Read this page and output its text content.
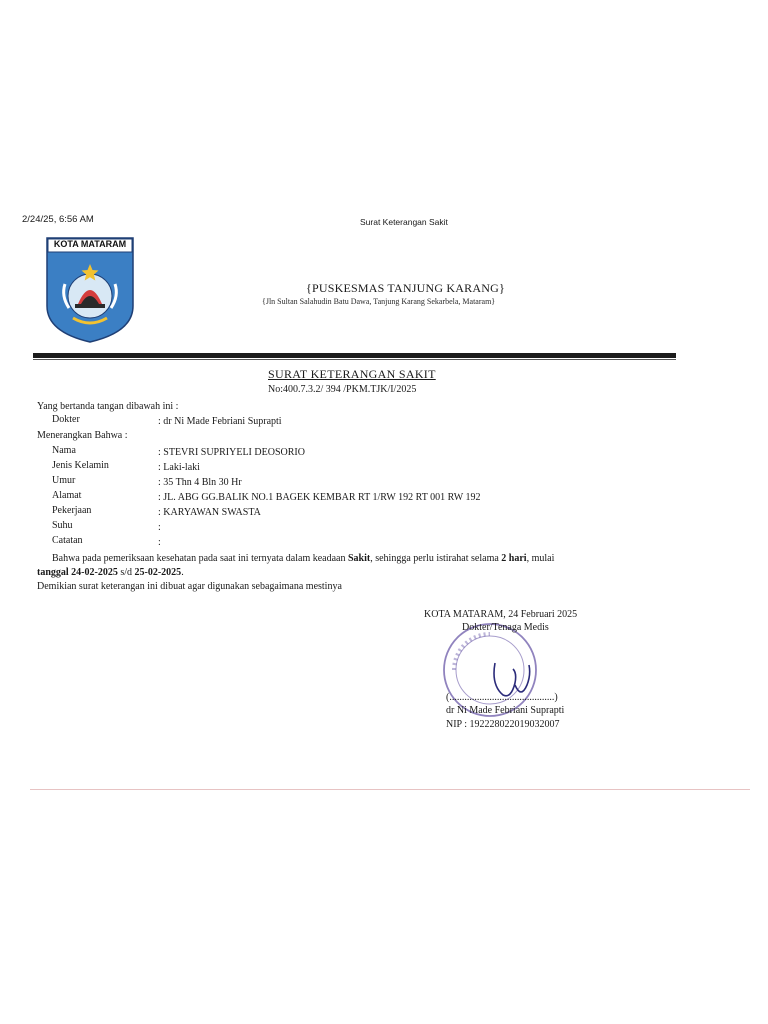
2/24/25, 6:56 AM	Surat Keterangan Sakit
KOTA MATARAM
{PUSKESMAS TANJUNG KARANG}
{Jln Sultan Salahudin Batu Dawa, Tanjung Karang Sekarbela, Mataram}
SURAT KETERANGAN SAKIT
No:400.7.3.2/ 394 /PKM.TJK/I/2025
Yang bertanda tangan dibawah ini :
Dokter	: dr Ni Made Febriani Suprapti
Menerangkan Bahwa :
Nama	: STEVRI SUPRIYELI DEOSORIO
Jenis Kelamin	: Laki-laki
Umur	: 35 Thn 4 Bln 30 Hr
Alamat	: JL. ABG GG.BALIK NO.1 BAGEK KEMBAR RT 1/RW 192 RT 001 RW 192
Pekerjaan	: KARYAWAN SWASTA
Suhu	:
Catatan	:
Bahwa pada pemeriksaan kesehatan pada saat ini ternyata dalam keadaan Sakit, sehingga perlu istirahat selama 2 hari, mulai
tanggal 24-02-2025 s/d 25-02-2025.
Demikian surat keterangan ini dibuat agar digunakan sebagaimana mestinya
KOTA MATARAM, 24 Februari 2025
Dokter/Tenaga Medis
(..........................................)
dr Ni Made Febriani Suprapti
NIP : 192228022019032007
